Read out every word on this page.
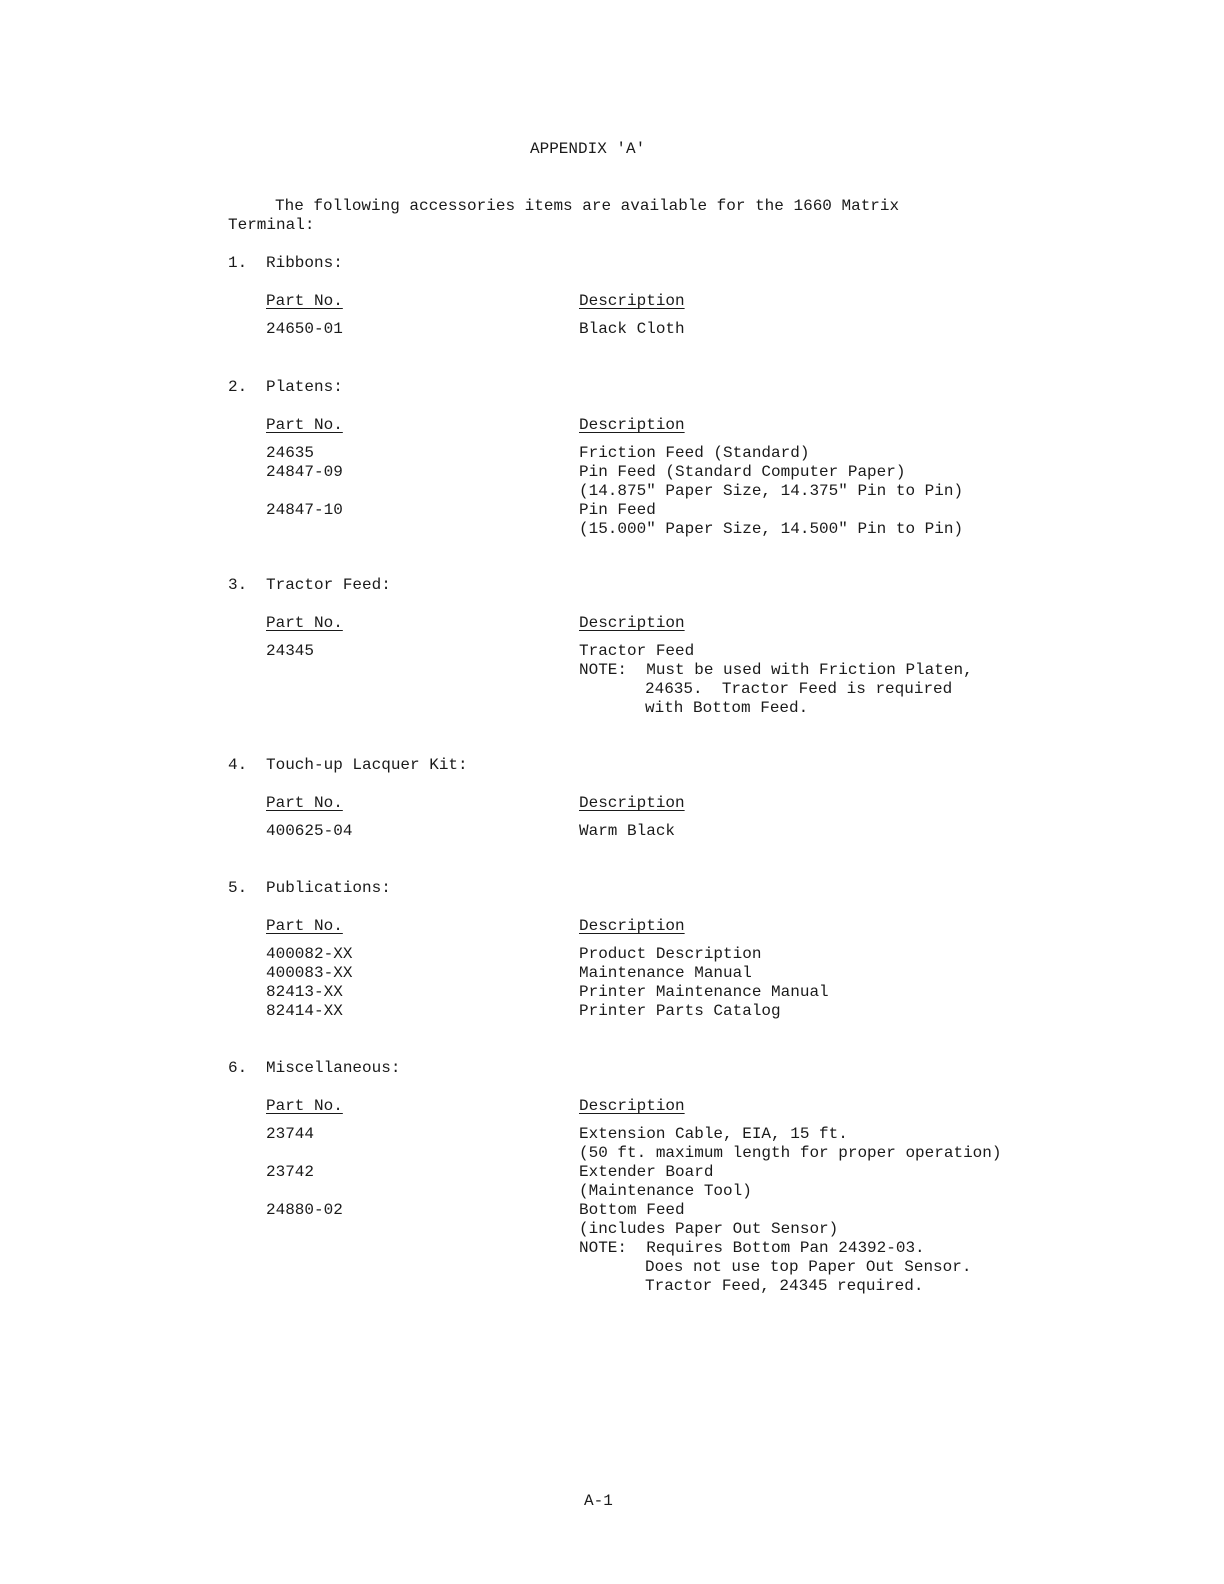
APPENDIX 'A'
The following accessories items are available for the 1660 Matrix
Terminal:
1. Ribbons:
Part No.
24650-01
Description
Black Cloth
2. Platens:
Part No.
24635
24847-09
24847-10
Description
Friction Feed (Standard)
Pin Feed (Standard Computer Paper)
(14.875" Paper Size, 14.375" Pin to Pin)
Pin Feed
(15.000" Paper Size, 14.500" Pin to Pin)
3. Tractor Feed:
Part No.
24345
Description
Tractor Feed
NOTE:  Must be used with Friction Platen,
24635.  Tractor Feed is required
with Bottom Feed.
4. Touch-up Lacquer Kit:
Part No.
400625-04
Description
Warm Black
5. Publications:
Part No.
400082-XX
400083-XX
82413-XX
82414-XX
Description
Product Description
Maintenance Manual
Printer Maintenance Manual
Printer Parts Catalog
6. Miscellaneous:
Part No.
23744
23742
24880-02
Description
Extension Cable, EIA, 15 ft.
(50 ft. maximum length for proper operation)
Extender Board
(Maintenance Tool)
Bottom Feed
(includes Paper Out Sensor)
NOTE:  Requires Bottom Pan 24392-03.
Does not use top Paper Out Sensor.
Tractor Feed, 24345 required.
A-1
